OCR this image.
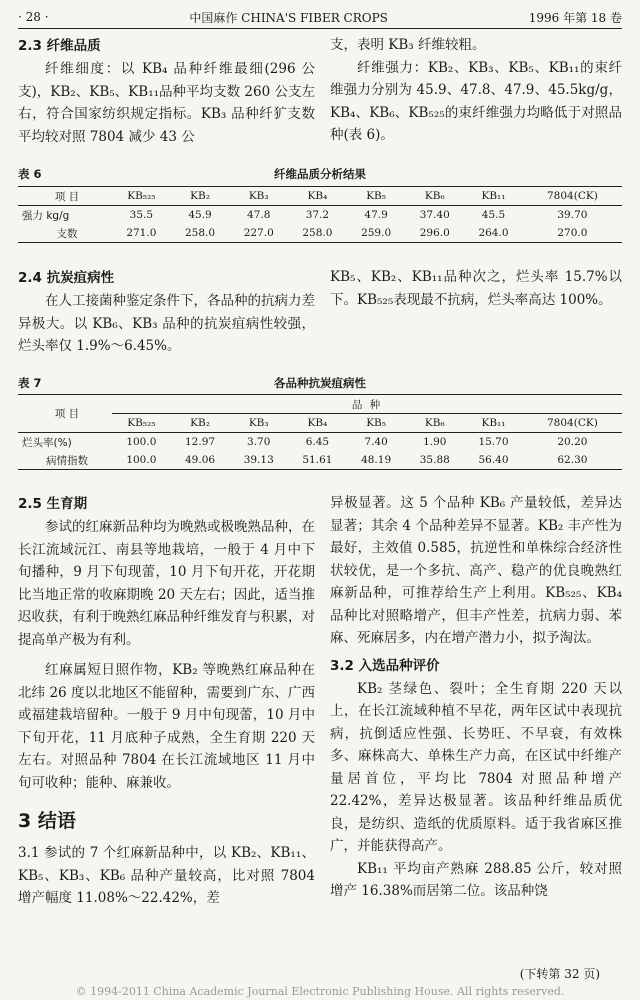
· 28 ·	中国麻作 CHINA'S FIBER CROPS	1996 年第 18 卷
2.3 纤维品质

纤维细度：以 KB₄ 品种纤维最细(296 公支)，KB₂、KB₅、KB₁₁品种平均支数 260 公支左右，符合国家纺织规定指标。KB₃ 品种纤犷支数平均较对照 7804 减少 43 公

支，表明 KB₃ 纤维较粗。

纤维强力：KB₂、KB₃、KB₅、KB₁₁的束纤维强力分别为 45.9、47.8、47.9、45.5kg/g，KB₄、KB₆、KB₅₂₅的束纤维强力均略低于对照品种(表 6)。

表 6	纤维品质分析结果
项 目	KB₅₂₅	KB₂	KB₃	KB₄	KB₅	KB₆	KB₁₁	7804(CK)
强力 kg/g	35.5	45.9	47.8	37.2	47.9	37.40	45.5	39.70
支数	271.0	258.0	227.0	258.0	259.0	296.0	264.0	270.0
2.4 抗炭疽病性

在人工接菌种鉴定条件下，各品种的抗病力差异极大。以 KB₆、KB₃ 品种的抗炭疽病性较强，烂头率仅 1.9%～6.45%。

KB₅、KB₂、KB₁₁品种次之，烂头率 15.7%以下。KB₅₂₅表现最不抗病，烂头率高达 100%。

表 7	各品种抗炭疽病性
项 目	品 种							
	KB₅₂₅	KB₂	KB₃	KB₄	KB₅	KB₆	KB₁₁	7804(CK)
烂头率(%)	100.0	12.97	3.70	6.45	7.40	1.90	15.70	20.20
病情指数	100.0	49.06	39.13	51.61	48.19	35.88	56.40	62.30
2.5 生育期

参试的红麻新品种均为晚熟或极晚熟品种，在长江流域沅江、南县等地栽培，一般于 4 月中下旬播种，9 月下旬现蕾，10 月下旬开花，开花期比当地正常的收麻期晚 20 天左右；因此，适当推迟收获，有利于晚熟红麻品种纤维发育与积累，对提高单产极为有利。

红麻属短日照作物，KB₂ 等晚熟红麻品种在北纬 26 度以北地区不能留种，需要到广东、广西或福建栽培留种。一般于 9 月中旬现蕾，10 月中下旬开花，11 月底种子成熟，全生育期 220 天左右。对照品种 7804 在长江流域地区 11 月中旬可收种；能种、麻兼收。

3 结语

3.1 参试的 7 个红麻新品种中，以 KB₂、KB₁₁、KB₅、KB₃、KB₆ 品种产量较高，比对照 7804 增产幅度 11.08%～22.42%，差

异极显著。这 5 个品种 KB₆ 产量较低，差异达显著；其余 4 个品种差异不显著。KB₂ 丰产性为最好，主效值 0.585，抗逆性和单株综合经济性状较优，是一个多抗、高产、稳产的优良晚熟红麻新品种，可推荐给生产上利用。KB₅₂₅、KB₄ 品种比对照略增产，但丰产性差，抗病力弱、苯麻、死麻居多，内在增产潜力小，拟予淘汰。

3.2 入选品种评价

KB₂ 茎绿色、裂叶；全生育期 220 天以上，在长江流域种植不早花，两年区试中表现抗病，抗倒适应性强、长势旺、不早衰，有效株多、麻株高大、单株生产力高，在区试中纤维产量居首位，平均比 7804 对照品种增产 22.42%，差异达极显著。该品种纤维品质优良，是纺织、造纸的优质原料。适于我省麻区推广，并能获得高产。

KB₁₁ 平均亩产熟麻 288.85 公斤，较对照增产 16.38%而居第二位。该品种饶

(下转第 32 页)
© 1994-2011 China Academic Journal Electronic Publishing House. All rights reserved.
